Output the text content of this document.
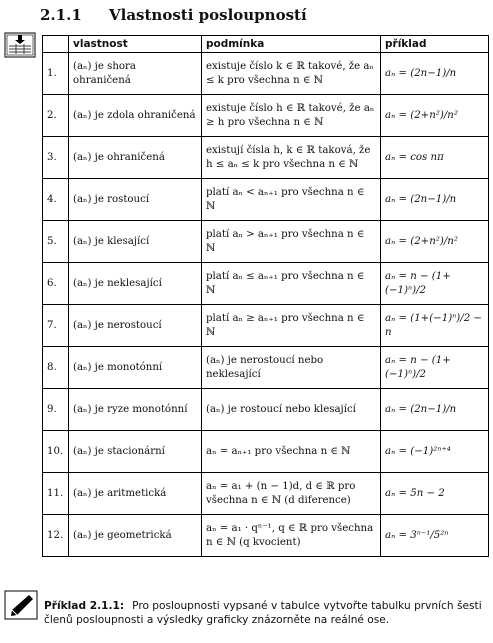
2.1.1 Vlastnosti posloupností
	vlastnost	podmínka	příklad
1.	(aₙ) je shora ohraničená	existuje číslo k ∈ ℝ takové, že aₙ ≤ k pro všechna n ∈ ℕ	aₙ = (2n−1)/n
2.	(aₙ) je zdola ohraničená	existuje číslo h ∈ ℝ takové, že aₙ ≥ h pro všechna n ∈ ℕ	aₙ = (2+n²)/n²
3.	(aₙ) je ohraničená	existují čísla h, k ∈ ℝ taková, že h ≤ aₙ ≤ k pro všechna n ∈ ℕ	aₙ = cos nπ
4.	(aₙ) je rostoucí	platí aₙ < aₙ₊₁ pro všechna n ∈ ℕ	aₙ = (2n−1)/n
5.	(aₙ) je klesající	platí aₙ > aₙ₊₁ pro všechna n ∈ ℕ	aₙ = (2+n²)/n²
6.	(aₙ) je neklesající	platí aₙ ≤ aₙ₊₁ pro všechna n ∈ ℕ	aₙ = n − (1+(−1)ⁿ)/2
7.	(aₙ) je nerostoucí	platí aₙ ≥ aₙ₊₁ pro všechna n ∈ ℕ	aₙ = (1+(−1)ⁿ)/2 − n
8.	(aₙ) je monotónní	(aₙ) je nerostoucí nebo neklesající	aₙ = n − (1+(−1)ⁿ)/2
9.	(aₙ) je ryze monotónní	(aₙ) je rostoucí nebo klesající	aₙ = (2n−1)/n
10.	(aₙ) je stacionární	aₙ = aₙ₊₁ pro všechna n ∈ ℕ	aₙ = (−1)²ⁿ⁺⁴
11.	(aₙ) je aritmetická	aₙ = a₁ + (n − 1)d, d ∈ ℝ pro všechna n ∈ ℕ (d diference)	aₙ = 5n − 2
12.	(aₙ) je geometrická	aₙ = a₁ · qⁿ⁻¹, q ∈ ℝ pro všechna n ∈ ℕ (q kvocient)	aₙ = 3ⁿ⁻¹/5²ⁿ
Příklad 2.1.1: Pro posloupnosti vypsané v tabulce vytvořte tabulku prvních šesti členů posloupnosti a výsledky graficky znázorněte na reálné ose.
